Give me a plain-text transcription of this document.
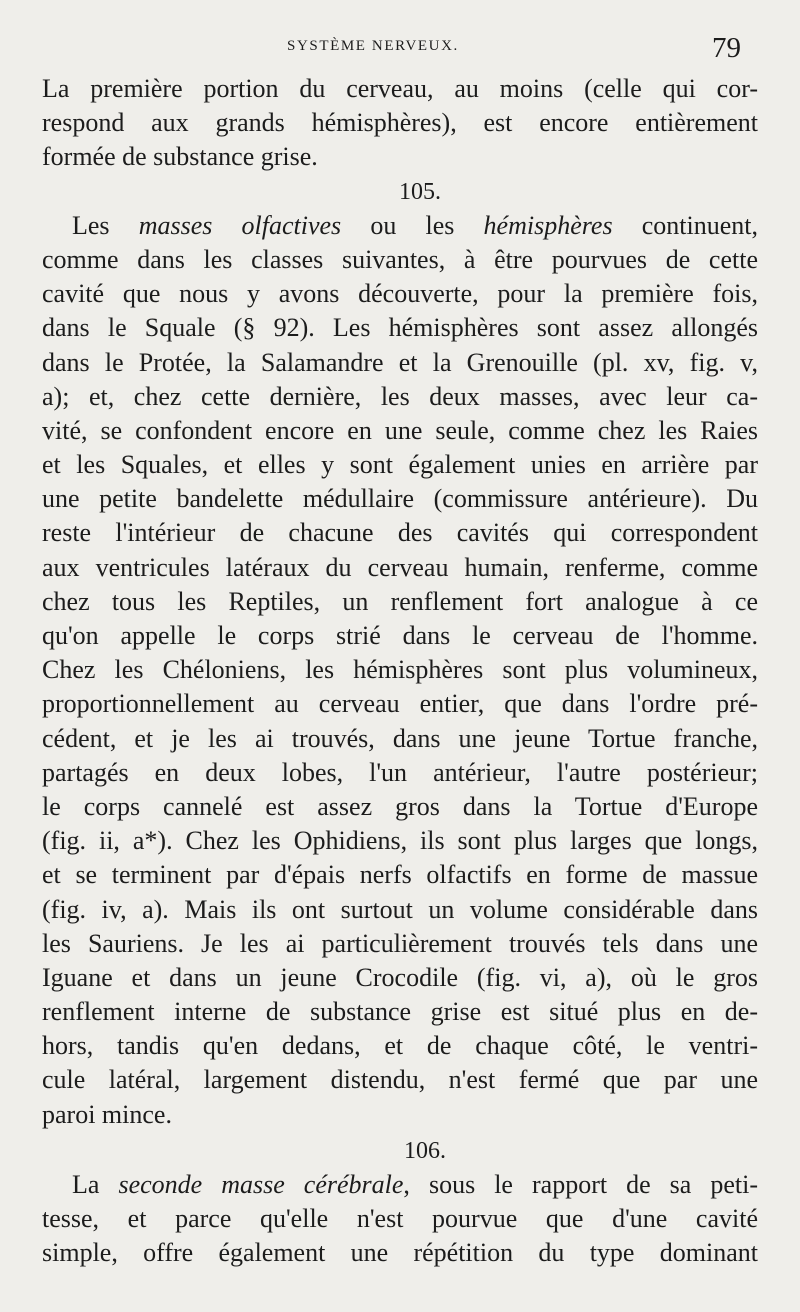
SYSTÈME NERVEUX.	79
La première portion du cerveau, au moins (celle qui cor-
respond aux grands hémisphères), est encore entièrement
formée de substance grise.
105.
Les masses olfactives ou les hémisphères continuent,
comme dans les classes suivantes, à être pourvues de cette
cavité que nous y avons découverte, pour la première fois,
dans le Squale (§ 92). Les hémisphères sont assez allongés
dans le Protée, la Salamandre et la Grenouille (pl. xv, fig. v,
a); et, chez cette dernière, les deux masses, avec leur ca-
vité, se confondent encore en une seule, comme chez les Raies
et les Squales, et elles y sont également unies en arrière par
une petite bandelette médullaire (commissure antérieure). Du
reste l'intérieur de chacune des cavités qui correspondent
aux ventricules latéraux du cerveau humain, renferme, comme
chez tous les Reptiles, un renflement fort analogue à ce
qu'on appelle le corps strié dans le cerveau de l'homme.
Chez les Chéloniens, les hémisphères sont plus volumineux,
proportionnellement au cerveau entier, que dans l'ordre pré-
cédent, et je les ai trouvés, dans une jeune Tortue franche,
partagés en deux lobes, l'un antérieur, l'autre postérieur;
le corps cannelé est assez gros dans la Tortue d'Europe
(fig. ii, a*). Chez les Ophidiens, ils sont plus larges que longs,
et se terminent par d'épais nerfs olfactifs en forme de massue
(fig. iv, a). Mais ils ont surtout un volume considérable dans
les Sauriens. Je les ai particulièrement trouvés tels dans une
Iguane et dans un jeune Crocodile (fig. vi, a), où le gros
renflement interne de substance grise est situé plus en de-
hors, tandis qu'en dedans, et de chaque côté, le ventri-
cule latéral, largement distendu, n'est fermé que par une
paroi mince.
106.
La seconde masse cérébrale, sous le rapport de sa peti-
tesse, et parce qu'elle n'est pourvue que d'une cavité
simple, offre également une répétition du type dominant
